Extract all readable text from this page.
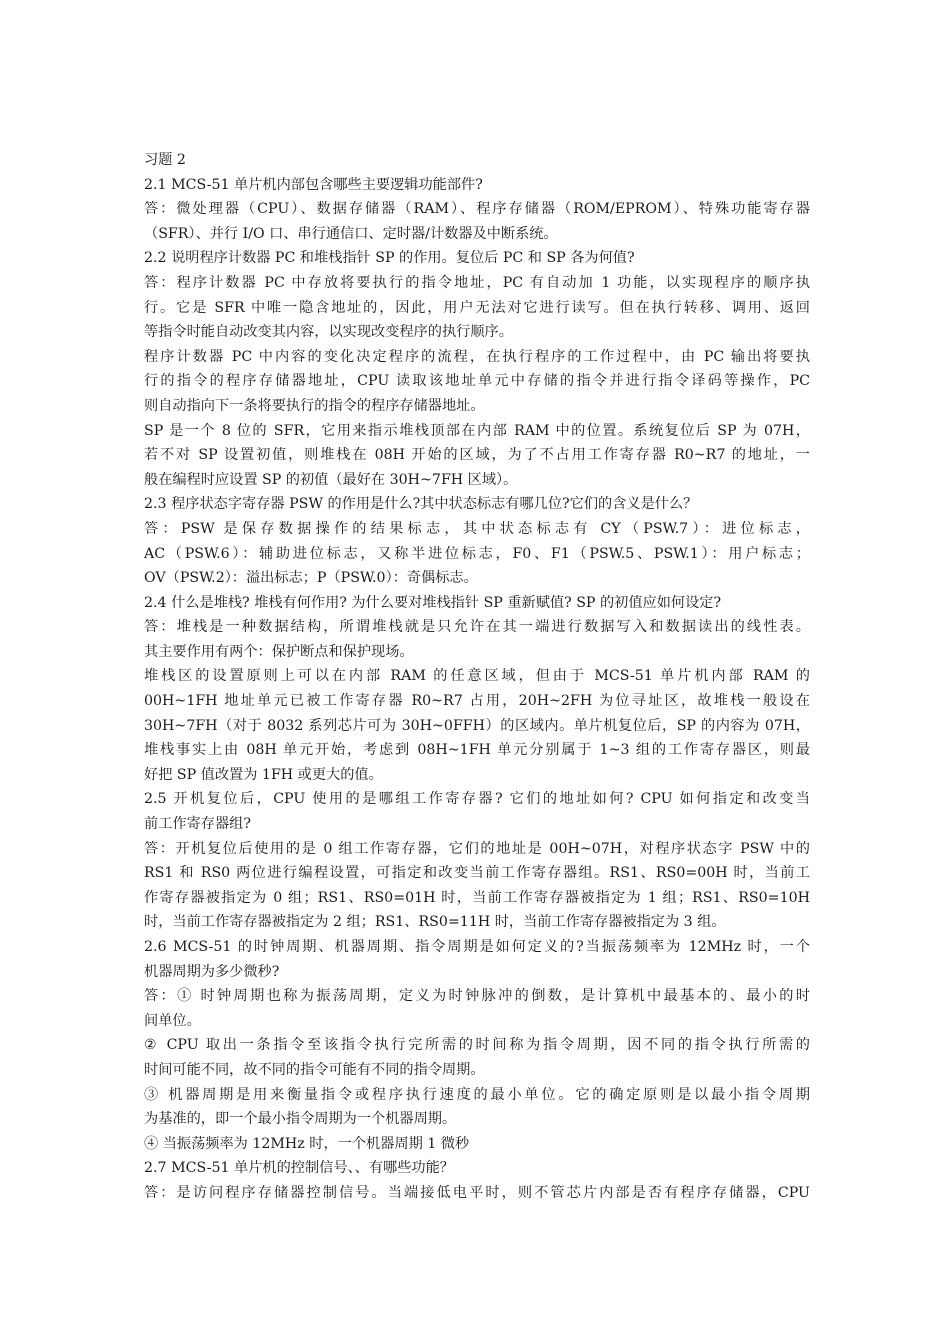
习题 2
2.1 MCS-51 单片机内部包含哪些主要逻辑功能部件?
答：微处理器（CPU）、数据存储器（RAM）、程序存储器（ROM/EPROM）、特殊功能寄存器
（SFR）、并行 I/O 口、串行通信口、定时器/计数器及中断系统。
2.2 说明程序计数器 PC 和堆栈指针 SP 的作用。复位后 PC 和 SP 各为何值?
答：程序计数器 PC 中存放将要执行的指令地址，PC 有自动加 1 功能，以实现程序的顺序执
行。它是 SFR 中唯一隐含地址的，因此，用户无法对它进行读写。但在执行转移、调用、返回
等指令时能自动改变其内容，以实现改变程序的执行顺序。
程序计数器 PC 中内容的变化决定程序的流程，在执行程序的工作过程中，由 PC 输出将要执
行的指令的程序存储器地址，CPU 读取该地址单元中存储的指令并进行指令译码等操作，PC
则自动指向下一条将要执行的指令的程序存储器地址。
SP 是一个 8 位的 SFR，它用来指示堆栈顶部在内部 RAM 中的位置。系统复位后 SP 为 07H，
若不对 SP 设置初值，则堆栈在 08H 开始的区域，为了不占用工作寄存器 R0~R7 的地址，一
般在编程时应设置 SP 的初值（最好在 30H~7FH 区域）。
2.3 程序状态字寄存器 PSW 的作用是什么?其中状态标志有哪几位?它们的含义是什么？
答：PSW 是保存数据操作的结果标志，其中状态标志有 CY（PSW.7）：进位标志，
AC（PSW.6）：辅助进位标志，又称半进位标志，F0、F1（PSW.5、PSW.1）：用户标志；
OV（PSW.2）：溢出标志；P（PSW.0）：奇偶标志。
2.4 什么是堆栈? 堆栈有何作用? 为什么要对堆栈指针 SP 重新赋值? SP 的初值应如何设定?
答：堆栈是一种数据结构，所谓堆栈就是只允许在其一端进行数据写入和数据读出的线性表。
其主要作用有两个：保护断点和保护现场。
堆栈区的设置原则上可以在内部 RAM 的任意区域，但由于 MCS-51 单片机内部 RAM 的
00H~1FH 地址单元已被工作寄存器 R0~R7 占用，20H~2FH 为位寻址区，故堆栈一般设在
30H~7FH（对于 8032 系列芯片可为 30H~0FFH）的区域内。单片机复位后，SP 的内容为 07H，
堆栈事实上由 08H 单元开始，考虑到 08H~1FH 单元分别属于 1~3 组的工作寄存器区，则最
好把 SP 值改置为 1FH 或更大的值。
2.5 开机复位后，CPU 使用的是哪组工作寄存器? 它们的地址如何? CPU 如何指定和改变当
前工作寄存器组?
答：开机复位后使用的是 0 组工作寄存器，它们的地址是 00H~07H，对程序状态字 PSW 中的
RS1 和 RS0 两位进行编程设置，可指定和改变当前工作寄存器组。RS1、RS0=00H 时，当前工
作寄存器被指定为 0 组；RS1、RS0=01H 时，当前工作寄存器被指定为 1 组；RS1、RS0=10H
时，当前工作寄存器被指定为 2 组；RS1、RS0=11H 时，当前工作寄存器被指定为 3 组。
2.6 MCS-51 的时钟周期、机器周期、指令周期是如何定义的?当振荡频率为 12MHz 时，一个
机器周期为多少微秒?
答：① 时钟周期也称为振荡周期，定义为时钟脉冲的倒数，是计算机中最基本的、最小的时
间单位。
② CPU 取出一条指令至该指令执行完所需的时间称为指令周期，因不同的指令执行所需的
时间可能不同，故不同的指令可能有不同的指令周期。
③ 机器周期是用来衡量指令或程序执行速度的最小单位。它的确定原则是以最小指令周期
为基准的，即一个最小指令周期为一个机器周期。
④ 当振荡频率为 12MHz 时，一个机器周期 1 微秒
2.7 MCS-51 单片机的控制信号、、有哪些功能？
答：是访问程序存储器控制信号。当端接低电平时，则不管芯片内部是否有程序存储器，CPU
